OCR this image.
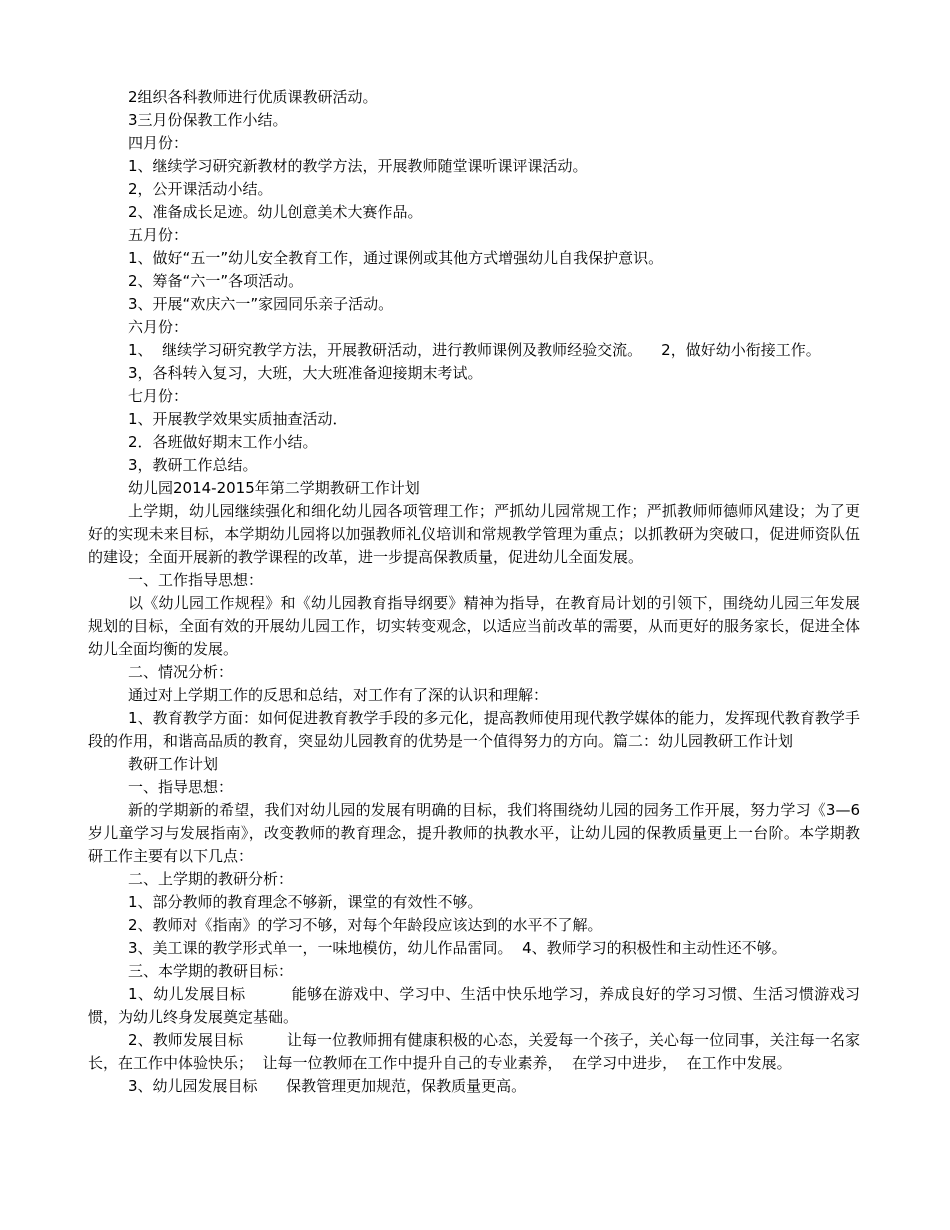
2组织各科教师进行优质课教研活动。

3三月份保教工作小结。

四月份：

1、继续学习研究新教材的教学方法，开展教师随堂课听课评课活动。

2，公开课活动小结。

2、准备成长足迹。幼儿创意美术大赛作品。

五月份：

1、做好“五一”幼儿安全教育工作，通过课例或其他方式增强幼儿自我保护意识。

2、筹备“六一”各项活动。

3、开展“欢庆六一”家园同乐亲子活动。

六月份：

1、  继续学习研究教学方法，开展教研活动，进行教师课例及教师经验交流。    2，做好幼小衔接工作。

3，各科转入复习，大班，大大班准备迎接期末考试。

七月份：

1、开展教学效果实质抽查活动．

2．各班做好期末工作小结。

3，教研工作总结。

幼儿园2014-2015年第二学期教研工作计划

上学期，幼儿园继续强化和细化幼儿园各项管理工作；严抓幼儿园常规工作；严抓教师师德师风建设；为了更好的实现未来目标，本学期幼儿园将以加强教师礼仪培训和常规教学管理为重点；以抓教研为突破口，促进师资队伍的建设；全面开展新的教学课程的改革，进一步提高保教质量，促进幼儿全面发展。

一、工作指导思想：

以《幼儿园工作规程》和《幼儿园教育指导纲要》精神为指导，在教育局计划的引领下，围绕幼儿园三年发展规划的目标，全面有效的开展幼儿园工作，切实转变观念，以适应当前改革的需要，从而更好的服务家长，促进全体幼儿全面均衡的发展。

二、情况分析：

通过对上学期工作的反思和总结，对工作有了深的认识和理解：

1、教育教学方面：如何促进教育教学手段的多元化，提高教师使用现代教学媒体的能力，发挥现代教育教学手段的作用，和谐高品质的教育，突显幼儿园教育的优势是一个值得努力的方向。篇二：幼儿园教研工作计划

教研工作计划

一、指导思想：

新的学期新的希望，我们对幼儿园的发展有明确的目标，我们将围绕幼儿园的园务工作开展，努力学习《3—6岁儿童学习与发展指南》，改变教师的教育理念，提升教师的执教水平，让幼儿园的保教质量更上一台阶。本学期教研工作主要有以下几点：

二、上学期的教研分析：

1、部分教师的教育理念不够新，课堂的有效性不够。

2、教师对《指南》的学习不够，对每个年龄段应该达到的水平不了解。

3、美工课的教学形式单一，一味地模仿，幼儿作品雷同。  4、教师学习的积极性和主动性还不够。

三、本学期的教研目标：

1、幼儿发展目标         能够在游戏中、学习中、生活中快乐地学习，养成良好的学习习惯、生活习惯游戏习惯，为幼儿终身发展奠定基础。

2、教师发展目标         让每一位教师拥有健康积极的心态，关爱每一个孩子，关心每一位同事，关注每一名家长，在工作中体验快乐；  让每一位教师在工作中提升自己的专业素养，  在学习中进步，  在工作中发展。

3、幼儿园发展目标      保教管理更加规范，保教质量更高。
